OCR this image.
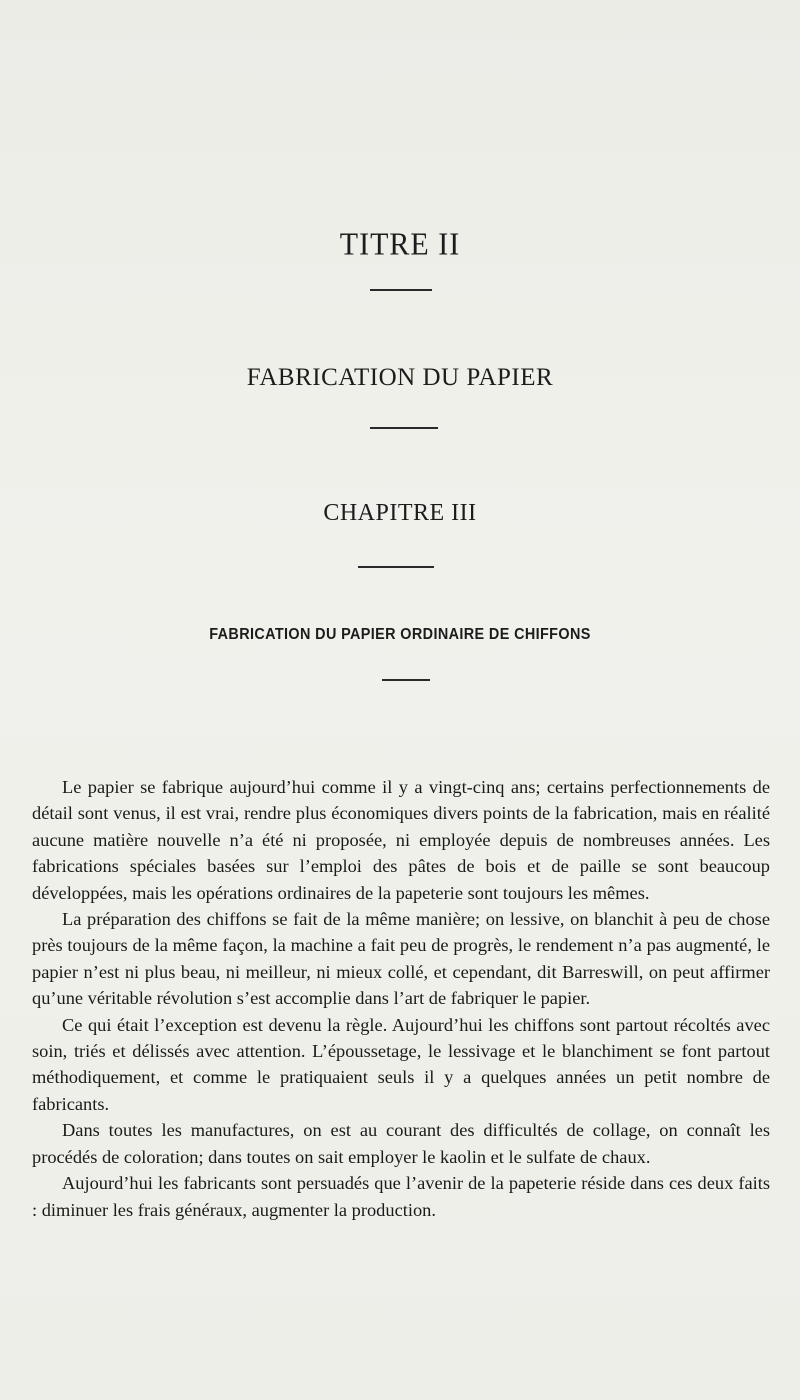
TITRE II
FABRICATION DU PAPIER
CHAPITRE III
FABRICATION DU PAPIER ORDINAIRE DE CHIFFONS

Le papier se fabrique aujourd’hui comme il y a vingt-cinq ans; certains perfectionnements de détail sont venus, il est vrai, rendre plus économiques divers points de la fabrication, mais en réalité aucune matière nouvelle n’a été ni proposée, ni employée depuis de nombreuses années. Les fabrications spéciales basées sur l’emploi des pâtes de bois et de paille se sont beaucoup développées, mais les opérations ordinaires de la papeterie sont toujours les mêmes.

La préparation des chiffons se fait de la même manière; on lessive, on blanchit à peu de chose près toujours de la même façon, la machine a fait peu de progrès, le rendement n’a pas augmenté, le papier n’est ni plus beau, ni meilleur, ni mieux collé, et cependant, dit Barreswill, on peut affirmer qu’une véritable révolution s’est accomplie dans l’art de fabriquer le papier.

Ce qui était l’exception est devenu la règle. Aujourd’hui les chiffons sont partout récoltés avec soin, triés et délissés avec attention. L’époussetage, le lessivage et le blanchiment se font partout méthodiquement, et comme le pratiquaient seuls il y a quelques années un petit nombre de fabricants.

Dans toutes les manufactures, on est au courant des difficultés de collage, on connaît les procédés de coloration; dans toutes on sait employer le kaolin et le sulfate de chaux.

Aujourd’hui les fabricants sont persuadés que l’avenir de la papeterie réside dans ces deux faits : diminuer les frais généraux, augmenter la production.
